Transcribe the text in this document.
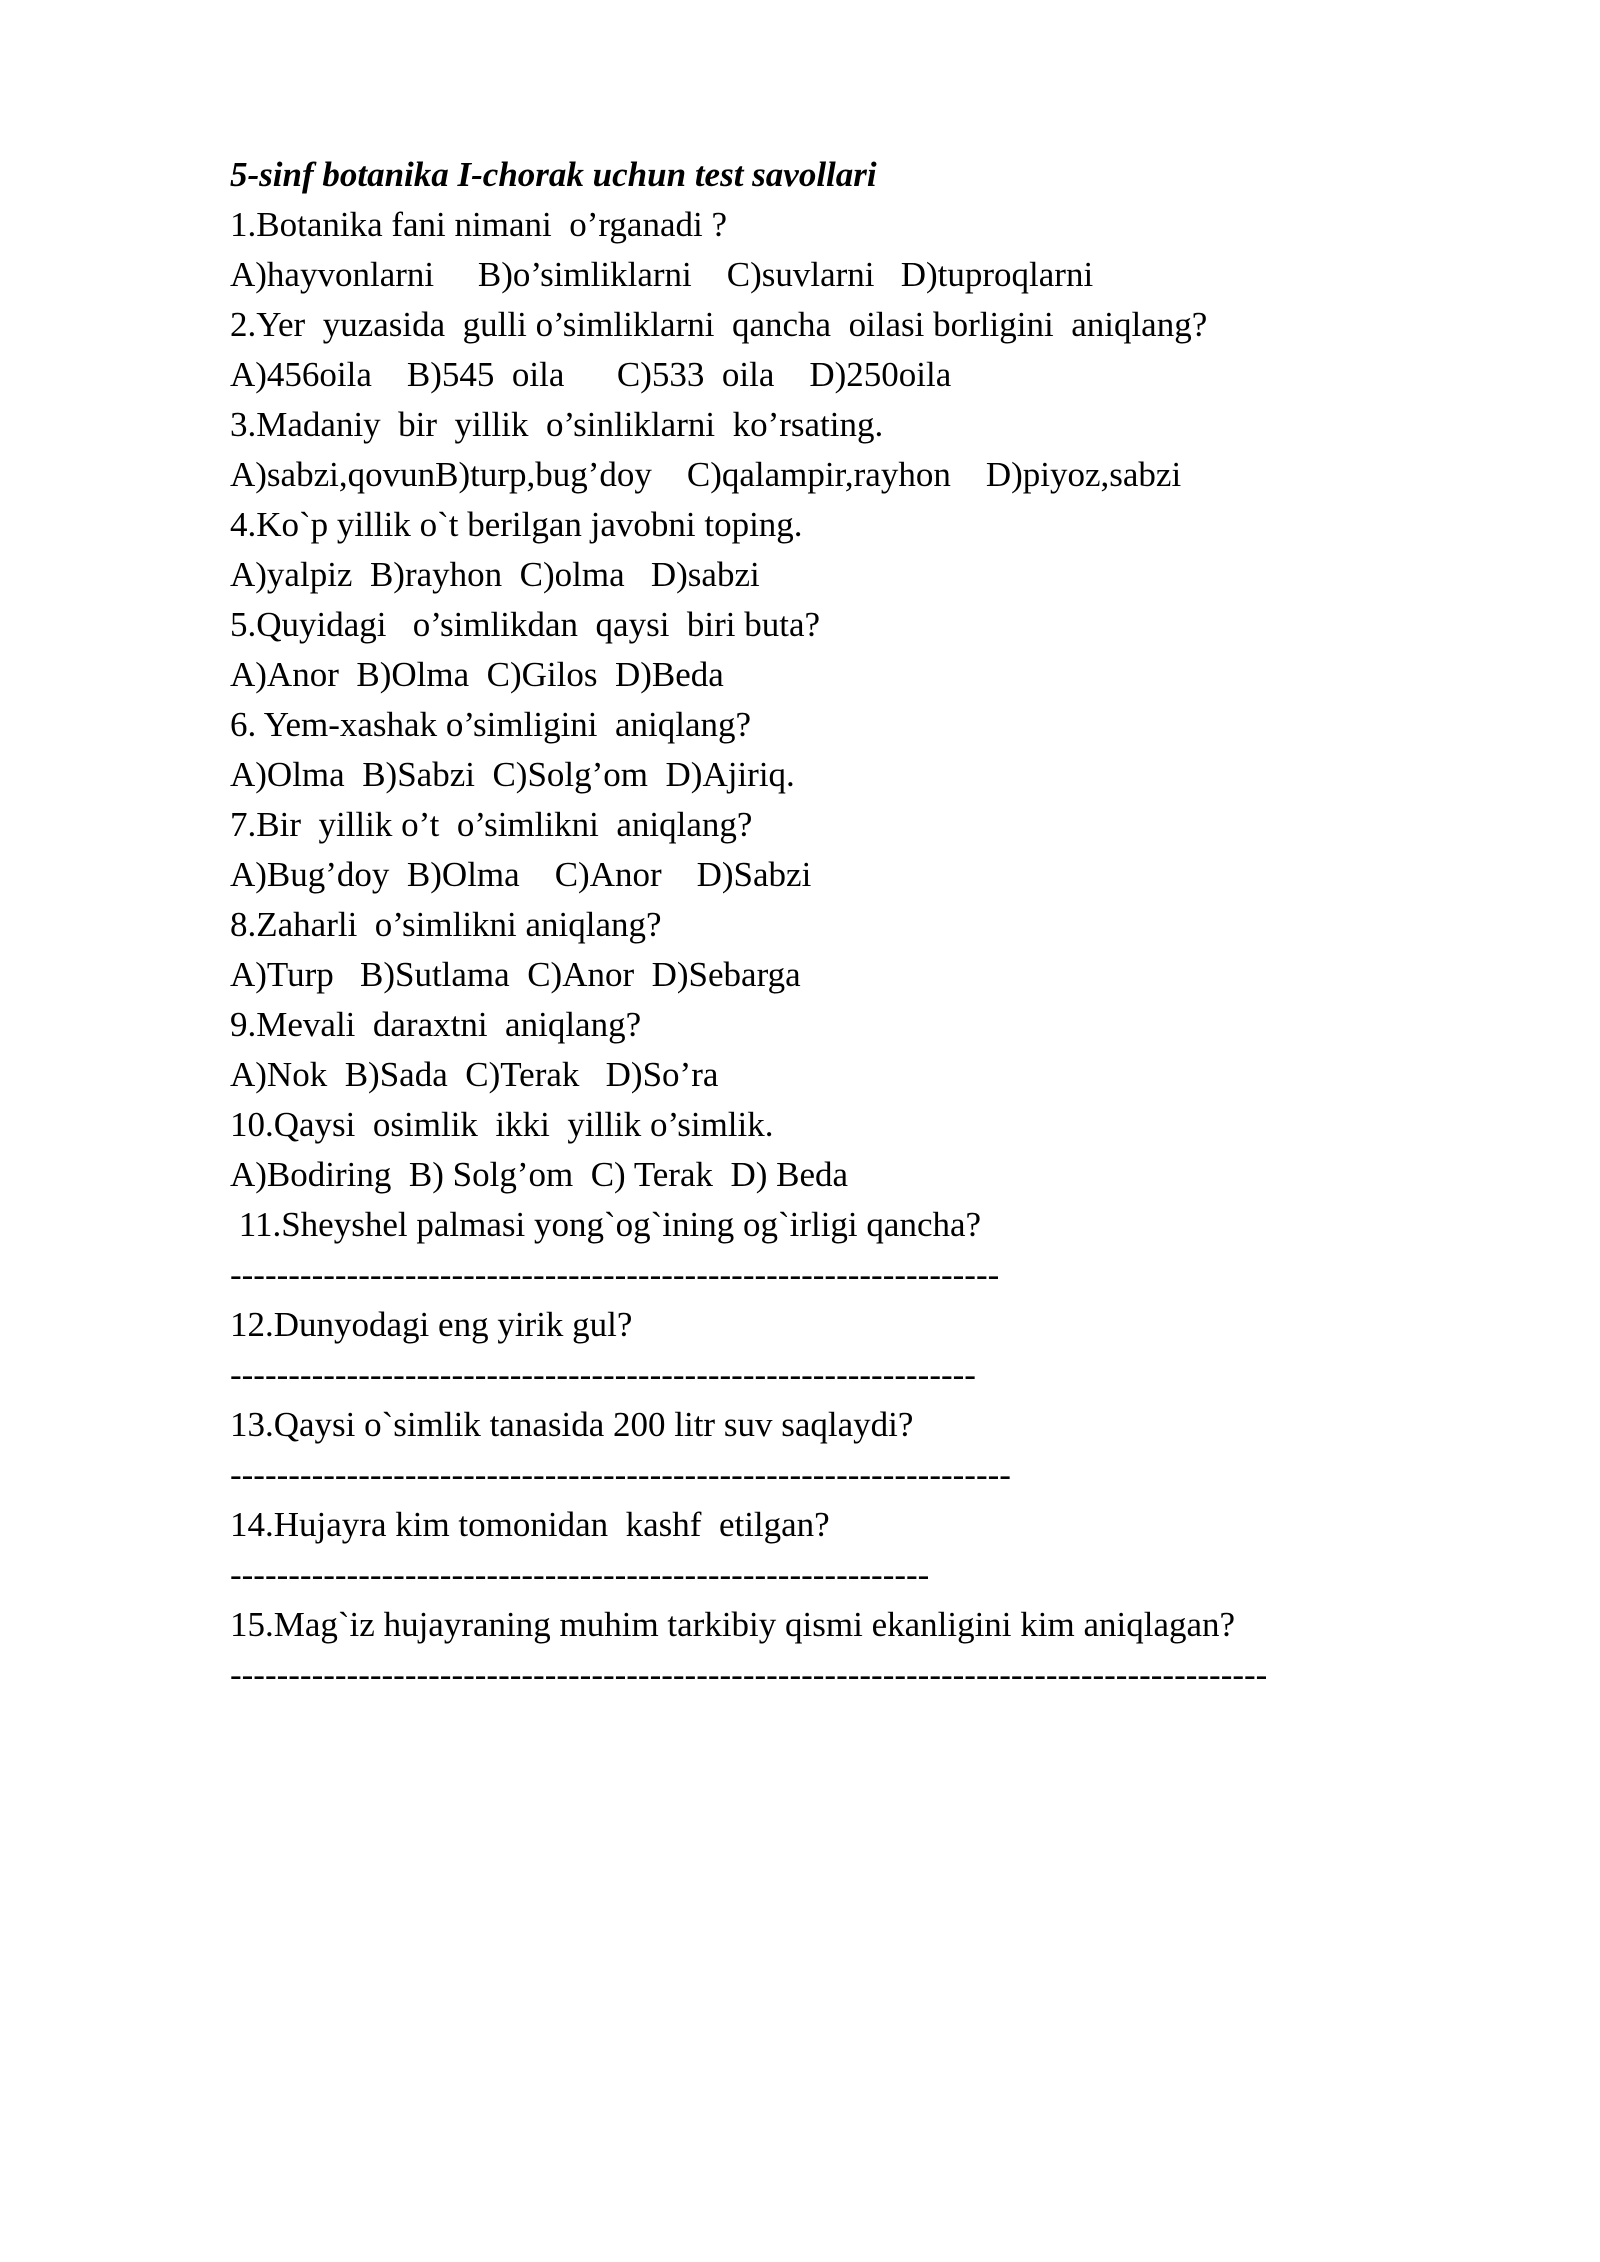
5-sinf botanika I-chorak uchun test savollari
1.Botanika fani nimani  o’rganadi ?
A)hayvonlarni     B)o’simliklarni    C)suvlarni   D)tuproqlarni
2.Yer  yuzasida  gulli o’simliklarni  qancha  oilasi borligini  aniqlang?
A)456oila    B)545  oila      C)533  oila    D)250oila
3.Madaniy  bir  yillik  o’sinliklarni  ko’rsating.
A)sabzi,qovunB)turp,bug’doy    C)qalampir,rayhon    D)piyoz,sabzi
4.Ko`p yillik o`t berilgan javobni toping.
A)yalpiz  B)rayhon  C)olma   D)sabzi
5.Quyidagi   o’simlikdan  qaysi  biri buta?
A)Anor  B)Olma  C)Gilos  D)Beda
6. Yem-xashak o’simligini  aniqlang?
A)Olma  B)Sabzi  C)Solg’om  D)Ajiriq.
7.Bir  yillik o’t  o’simlikni  aniqlang?
A)Bug’doy  B)Olma    C)Anor    D)Sabzi
8.Zaharli  o’simlikni aniqlang?
A)Turp   B)Sutlama  C)Anor  D)Sebarga
9.Mevali  daraxtni  aniqlang?
A)Nok  B)Sada  C)Terak   D)So’ra
10.Qaysi  osimlik  ikki  yillik o’simlik.
A)Bodiring  B) Solg’om  C) Terak  D) Beda
11.Sheyshel palmasi yong`og`ining og`irligi qancha?
------------------------------------------------------------------
12.Dunyodagi eng yirik gul?
----------------------------------------------------------------
13.Qaysi o`simlik tanasida 200 litr suv saqlaydi?
-------------------------------------------------------------------
14.Hujayra kim tomonidan  kashf  etilgan?
------------------------------------------------------------
15.Mag`iz hujayraning muhim tarkibiy qismi ekanligini kim aniqlagan?
-----------------------------------------------------------------------------------------
